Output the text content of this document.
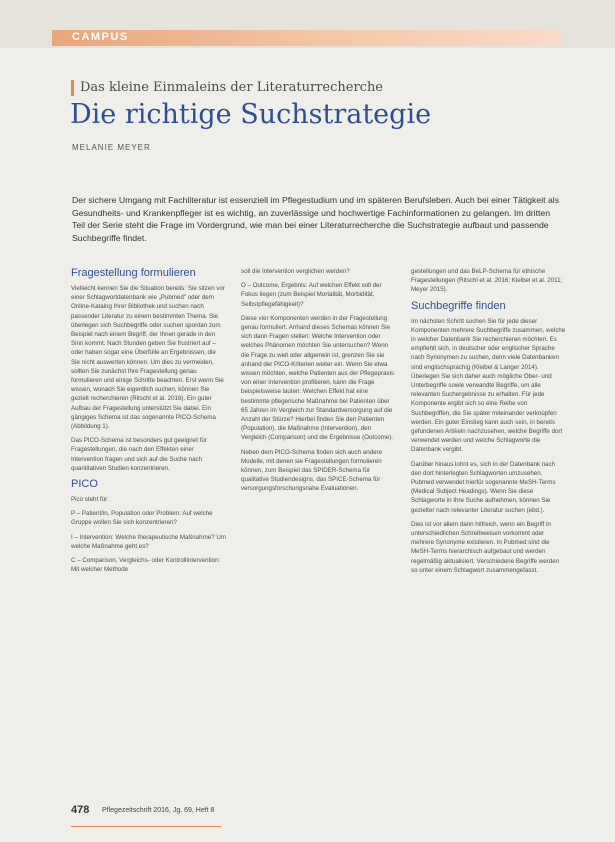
CAMPUS
Das kleine Einmaleins der Literaturrecherche
Die richtige Suchstrategie
MELANIE MEYER
Der sichere Umgang mit Fachliteratur ist essenziell im Pflegestudium und im späteren Berufsleben. Auch bei einer Tätigkeit als Gesundheits- und Krankenpfleger ist es wichtig, an zuverlässige und hochwertige Fachinformationen zu gelangen. Im dritten Teil der Serie steht die Frage im Vordergrund, wie man bei einer Literaturrecherche die Suchstrategie aufbaut und passende Suchbegriffe findet.
Fragestellung formulieren

Vielleicht kennen Sie die Situation bereits: Sie sitzen vor einer Schlagwortdatenbank wie „Pubmed" oder dem Online-Katalog Ihrer Bibliothek und suchen nach passender Literatur zu einem bestimmten Thema. Sie überlegen sich Suchbegriffe oder suchen spontan zum Beispiel nach einem Begriff, der Ihnen gerade in den Sinn kommt. Nach Stunden geben Sie frustriert auf – oder haben sogar eine Überfülle an Ergebnissen, die Sie nicht auswerten können. Um dies zu vermeiden, sollten Sie zunächst Ihre Fragestellung genau formulieren und einige Schritte beachten. Erst wenn Sie wissen, wonach Sie eigentlich suchen, können Sie gezielt recherchieren (Ritschl et al. 2016). Ein guter Aufbau der Fragestellung unterstützt Sie dabei. Ein gängiges Schema ist das sogenannte PICO-Schema (Abbildung 1).

Das PICO-Schema ist besonders gut geeignet für Fragestellungen, die nach den Effekten einer Intervention fragen und sich auf die Suche nach quantitativen Studien konzentrieren.

PICO

Pico steht für:

P – Patient/in, Population oder Problem: Auf welche Gruppe wollen Sie sich konzentrieren?

I – Intervention: Welche therapeutische Maßnahme? Um welche Maßnahme geht es?

C – Comparison, Vergleichs- oder Kontrollintervention: Mit welcher Methode

soll die Intervention verglichen werden?

O – Outcome, Ergebnis: Auf welchen Effekt soll der Fokus liegen (zum Beispiel Mortalität, Morbidität, Selbstpflegefähigkeit)?

Diese vier Komponenten werden in der Fragestellung genau formuliert. Anhand dieses Schemas können Sie sich dann Fragen stellen: Welche Intervention oder welches Phänomen möchten Sie untersuchen? Wenn die Frage zu weit oder allgemein ist, grenzen Sie sie anhand der PICO-Kriterien weiter ein. Wenn Sie etwa wissen möchten, welche Patienten aus der Pflegepraxis von einer Intervention profitieren, kann die Frage beispielsweise lauten: Welchen Effekt hat eine bestimmte pflegerische Maßnahme bei Patienten über 65 Jahren im Vergleich zur Standardversorgung auf die Anzahl der Stürze? Hierbei finden Sie den Patienten (Population), die Maßnahme (Intervention), den Vergleich (Comparison) und die Ergebnisse (Outcome).

Neben dem PICO-Schema finden sich auch andere Modelle, mit denen sie Fragestellungen formulieren können, zum Beispiel das SPIDER-Schema für qualitative Studiendesigns, das SPICE-Schema für versorgungsforschungsnahe Evaluationen.

gestellungen und das BeLP-Schema für ethische Fragestellungen (Ritschl et al. 2016; Kleibel et al. 2011; Meyer 2015).

Suchbegriffe finden

Im nächsten Schritt suchen Sie für jede dieser Komponenten mehrere Suchbegriffe zusammen, welche in welcher Datenbank Sie recherchieren möchten. Es empfiehlt sich, in deutscher oder englischer Sprache nach Synonymen zu suchen, denn viele Datenbanken sind englischsprachig (Kleibel & Langer 2014). Überlegen Sie sich daher auch mögliche Ober- und Unterbegriffe sowie verwandte Begriffe, um alle relevanten Suchergebnisse zu erhalten. Für jede Komponente ergibt sich so eine Reihe von Suchbegriffen, die Sie später miteinander verknüpfen werden. Ein guter Einstieg kann auch sein, in bereits gefundenen Artikeln nachzusehen, welche Begriffe dort verwendet werden und welche Schlagworte die Datenbank vergibt.

Darüber hinaus lohnt es, sich in der Datenbank nach den dort hinterlegten Schlagworten umzusehen. Pubmed verwendet hierfür sogenannte MeSH-Terms (Medical Subject Headings). Wenn Sie diese Schlagworte in Ihre Suche aufnehmen, können Sie gezielter nach relevanter Literatur suchen (ebd.).

Dies ist vor allem dann hilfreich, wenn ein Begriff in unterschiedlichen Schreibweisen vorkommt oder mehrere Synonyme existieren. In Pubmed sind die MeSH-Terms hierarchisch aufgebaut und werden regelmäßig aktualisiert. Verschiedene Begriffe werden so unter einem Schlagwort zusammengefasst.

478 Pflegezeitschrift 2016, Jg. 69, Heft 8
